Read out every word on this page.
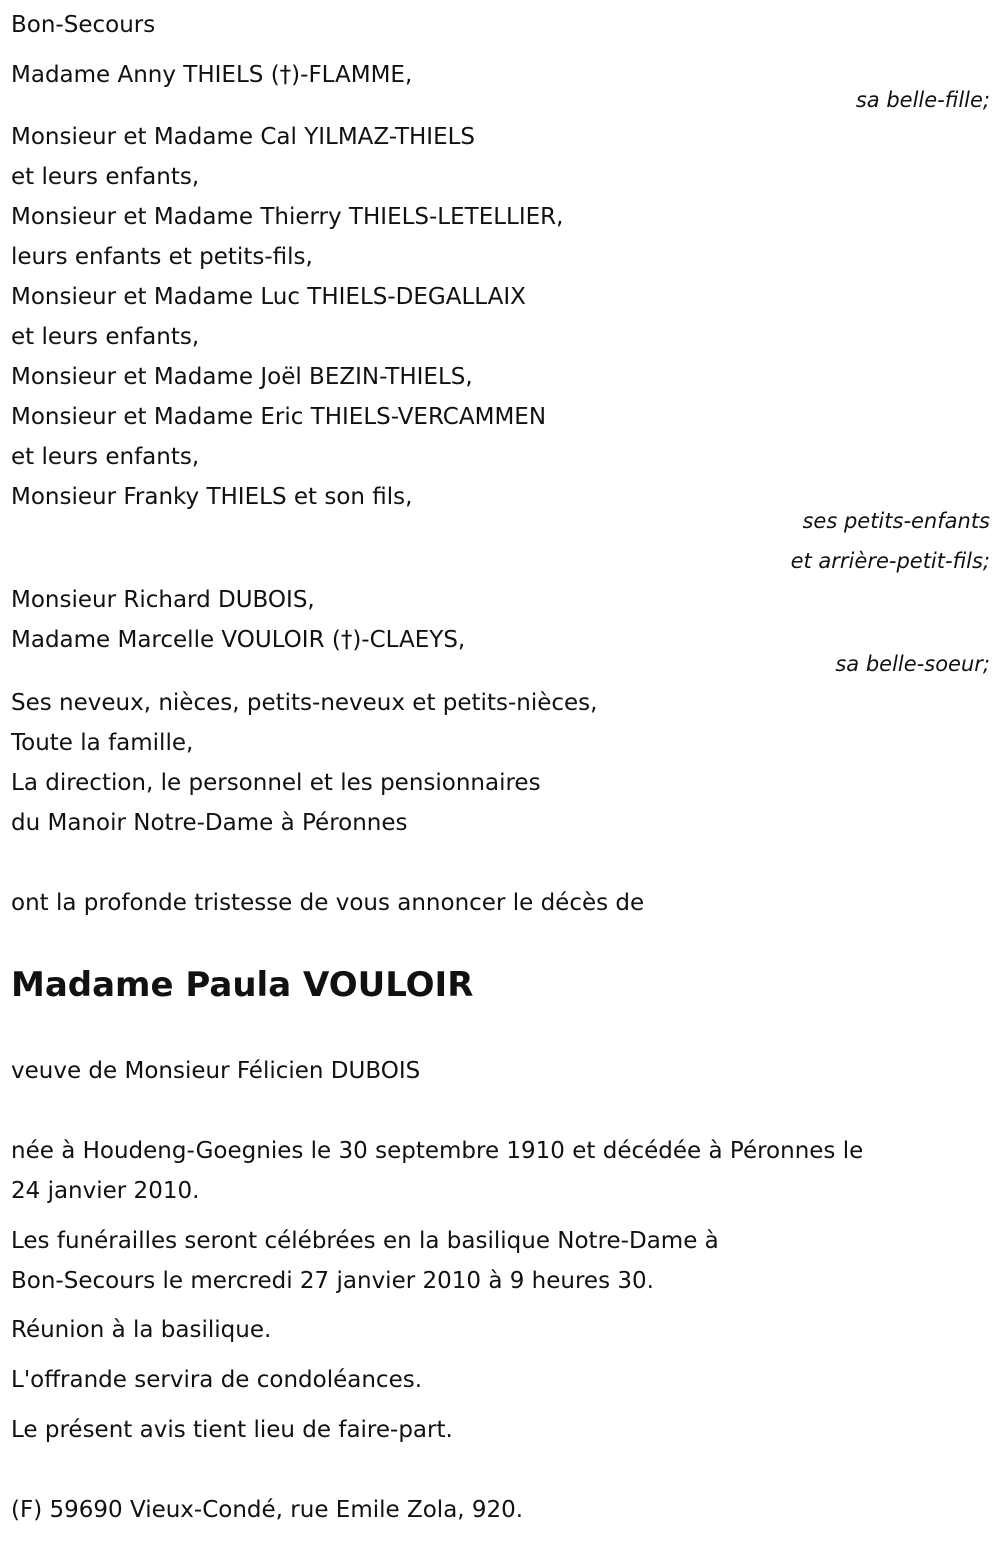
Bon-Secours
Madame Anny THIELS (†)-FLAMME,
sa belle-fille;
Monsieur et Madame Cal YILMAZ-THIELS
et leurs enfants,
Monsieur et Madame Thierry THIELS-LETELLIER,
leurs enfants et petits-fils,
Monsieur et Madame Luc THIELS-DEGALLAIX
et leurs enfants,
Monsieur et Madame Joël BEZIN-THIELS,
Monsieur et Madame Eric THIELS-VERCAMMEN
et leurs enfants,
Monsieur Franky THIELS et son fils,
ses petits-enfants
et arrière-petit-fils;
Monsieur Richard DUBOIS,
Madame Marcelle VOULOIR (†)-CLAEYS,
sa belle-soeur;
Ses neveux, nièces, petits-neveux et petits-nièces,
Toute la famille,
La direction, le personnel et les pensionnaires
du Manoir Notre-Dame à Péronnes
ont la profonde tristesse de vous annoncer le décès de
Madame Paula VOULOIR
veuve de Monsieur Félicien DUBOIS
née à Houdeng-Goegnies le 30 septembre 1910 et décédée à Péronnes le
24 janvier 2010.
Les funérailles seront célébrées en la basilique Notre-Dame à
Bon-Secours le mercredi 27 janvier 2010 à 9 heures 30.
Réunion à la basilique.
L'offrande servira de condoléances.
Le présent avis tient lieu de faire-part.
(F) 59690 Vieux-Condé, rue Emile Zola, 920.
